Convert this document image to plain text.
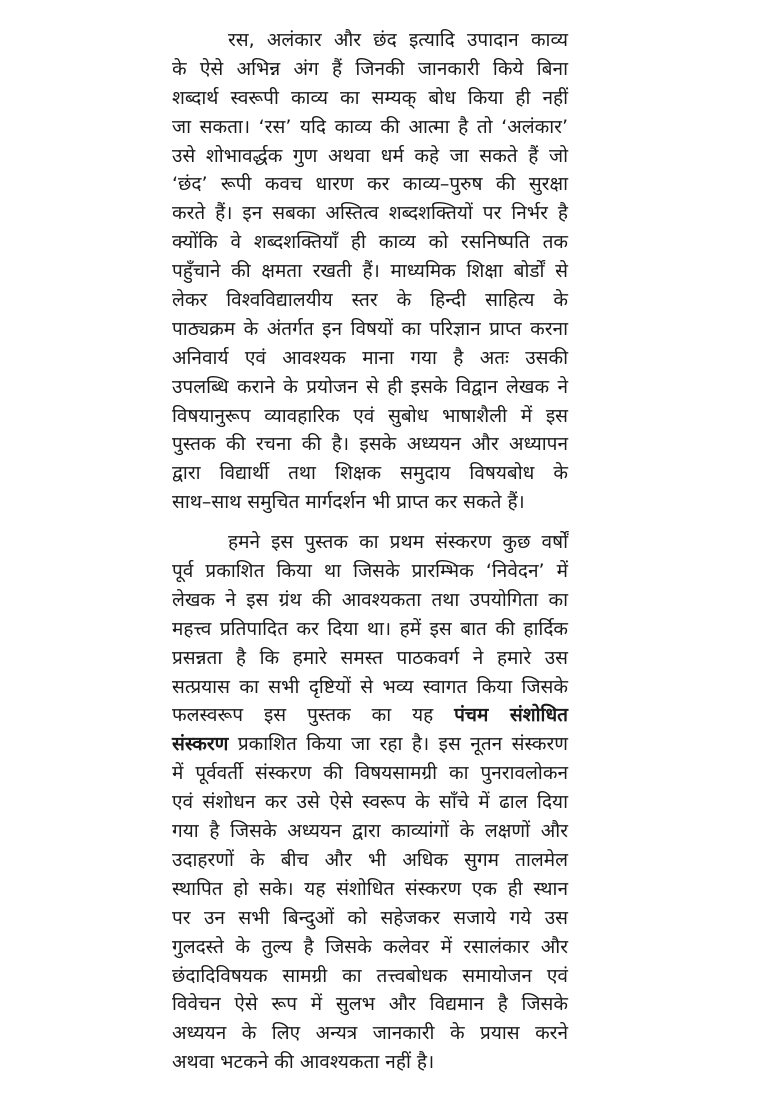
रस, अलंकार और छंद इत्यादि उपादान काव्य
के ऐसे अभिन्न अंग हैं जिनकी जानकारी किये बिना
शब्दार्थ स्वरूपी काव्य का सम्यक् बोध किया ही नहीं
जा सकता। ‘रस’ यदि काव्य की आत्मा है तो ‘अलंकार’
उसे शोभावर्द्धक गुण अथवा धर्म कहे जा सकते हैं जो
‘छंद’ रूपी कवच धारण कर काव्य–पुरुष की सुरक्षा
करते हैं। इन सबका अस्तित्व शब्दशक्तियों पर निर्भर है
क्योंकि वे शब्दशक्तियाँ ही काव्य को रसनिष्पति तक
पहुँचाने की क्षमता रखती हैं। माध्यमिक शिक्षा बोर्डों से
लेकर विश्वविद्यालयीय स्तर के हिन्दी साहित्य के
पाठ्यक्रम के अंतर्गत इन विषयों का परिज्ञान प्राप्त करना
अनिवार्य एवं आवश्यक माना गया है अतः उसकी
उपलब्धि कराने के प्रयोजन से ही इसके विद्वान लेखक ने
विषयानुरूप व्यावहारिक एवं सुबोध भाषाशैली में इस
पुस्तक की रचना की है। इसके अध्ययन और अध्यापन
द्वारा विद्यार्थी तथा शिक्षक समुदाय विषयबोध के
साथ–साथ समुचित मार्गदर्शन भी प्राप्त कर सकते हैं।
हमने इस पुस्तक का प्रथम संस्करण कुछ वर्षों
पूर्व प्रकाशित किया था जिसके प्रारम्भिक ‘निवेदन’ में
लेखक ने इस ग्रंथ की आवश्यकता तथा उपयोगिता का
महत्त्व प्रतिपादित कर दिया था। हमें इस बात की हार्दिक
प्रसन्नता है कि हमारे समस्त पाठकवर्ग ने हमारे उस
सत्प्रयास का सभी दृष्टियों से भव्य स्वागत किया जिसके
फलस्वरूप इस पुस्तक का यह पंचम संशोधित
संस्करण प्रकाशित किया जा रहा है। इस नूतन संस्करण
में पूर्ववर्ती संस्करण की विषयसामग्री का पुनरावलोकन
एवं संशोधन कर उसे ऐसे स्वरूप के साँचे में ढाल दिया
गया है जिसके अध्ययन द्वारा काव्यांगों के लक्षणों और
उदाहरणों के बीच और भी अधिक सुगम तालमेल
स्थापित हो सके। यह संशोधित संस्करण एक ही स्थान
पर उन सभी बिन्दुओं को सहेजकर सजाये गये उस
गुलदस्ते के तुल्य है जिसके कलेवर में रसालंकार और
छंदादिविषयक सामग्री का तत्त्वबोधक समायोजन एवं
विवेचन ऐसे रूप में सुलभ और विद्यमान है जिसके
अध्ययन के लिए अन्यत्र जानकारी के प्रयास करने
अथवा भटकने की आवश्यकता नहीं है।
